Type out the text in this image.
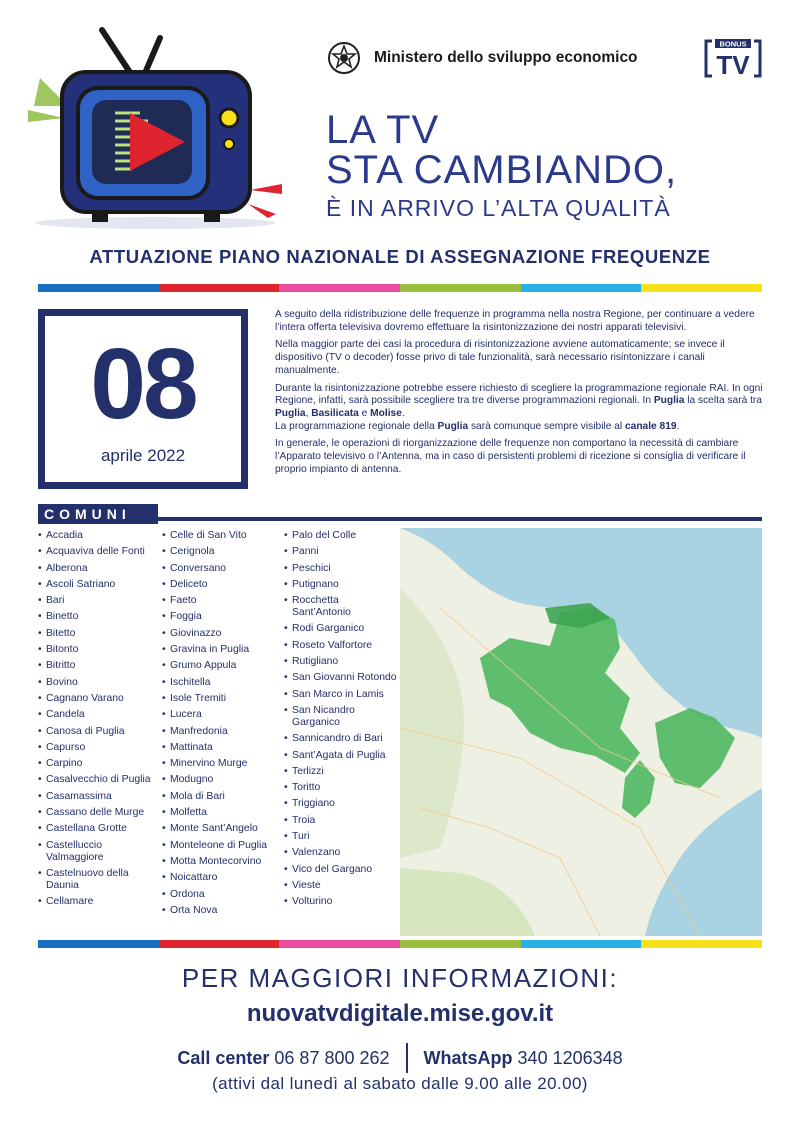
Ministero dello sviluppo economico
BONUS
TV
LA TV
STA CAMBIANDO,
È IN ARRIVO L’ALTA QUALITÀ
ATTUAZIONE PIANO NAZIONALE DI ASSEGNAZIONE FREQUENZE
08
aprile 2022

A seguito della ridistribuzione delle frequenze in programma nella nostra Regione, per continuare a vedere l’intera offerta televisiva dovremo effettuare la risintonizzazione dei nostri apparati televisivi.

Nella maggior parte dei casi la procedura di risintonizzazione avviene automaticamente; se invece il dispositivo (TV o decoder) fosse privo di tale funzionalità, sarà necessario risintonizzare i canali manualmente.

Durante la risintonizzazione potrebbe essere richiesto di scegliere la programmazione regionale RAI. In ogni Regione, infatti, sarà possibile scegliere tra tre diverse programmazioni regionali. In Puglia la scelta sarà tra Puglia, Basilicata e Molise.
La programmazione regionale della Puglia sarà comunque sempre visibile al canale 819.

In generale, le operazioni di riorganizzazione delle frequenze non comportano la necessità di cambiare l’Apparato televisivo o l’Antenna, ma in caso di persistenti problemi di ricezione si consiglia di verificare il proprio impianto di antenna.

COMUNI
• Accadia
• Acquaviva delle Fonti
• Alberona
• Ascoli Satriano
• Bari
• Binetto
• Bitetto
• Bitonto
• Bitritto
• Bovino
• Cagnano Varano
• Candela
• Canosa di Puglia
• Capurso
• Carpino
• Casalvecchio di Puglia
• Casamassima
• Cassano delle Murge
• Castellana Grotte
• Castelluccio Valmaggiore
• Castelnuovo della Daunia
• Cellamare
• Celle di San Vito
• Cerignola
• Conversano
• Deliceto
• Faeto
• Foggia
• Giovinazzo
• Gravina in Puglia
• Grumo Appula
• Ischitella
• Isole Tremiti
• Lucera
• Manfredonia
• Mattinata
• Minervino Murge
• Modugno
• Mola di Bari
• Molfetta
• Monte Sant’Angelo
• Monteleone di Puglia
• Motta Montecorvino
• Noicattaro
• Ordona
• Orta Nova
• Palo del Colle
• Panni
• Peschici
• Putignano
• Rocchetta Sant’Antonio
• Rodi Garganico
• Roseto Valfortore
• Rutigliano
• San Giovanni Rotondo
• San Marco in Lamis
• San Nicandro Garganico
• Sannicandro di Bari
• Sant’Agata di Puglia
• Terlizzi
• Toritto
• Triggiano
• Troia
• Turi
• Valenzano
• Vico del Gargano
• Vieste
• Volturino
PER MAGGIORI INFORMAZIONI:
nuovatvdigitale.mise.gov.it
Call center
06 87 800 262 WhatsApp
340 1206348
(attivi dal lunedì al sabato dalle 9.00 alle 20.00)
